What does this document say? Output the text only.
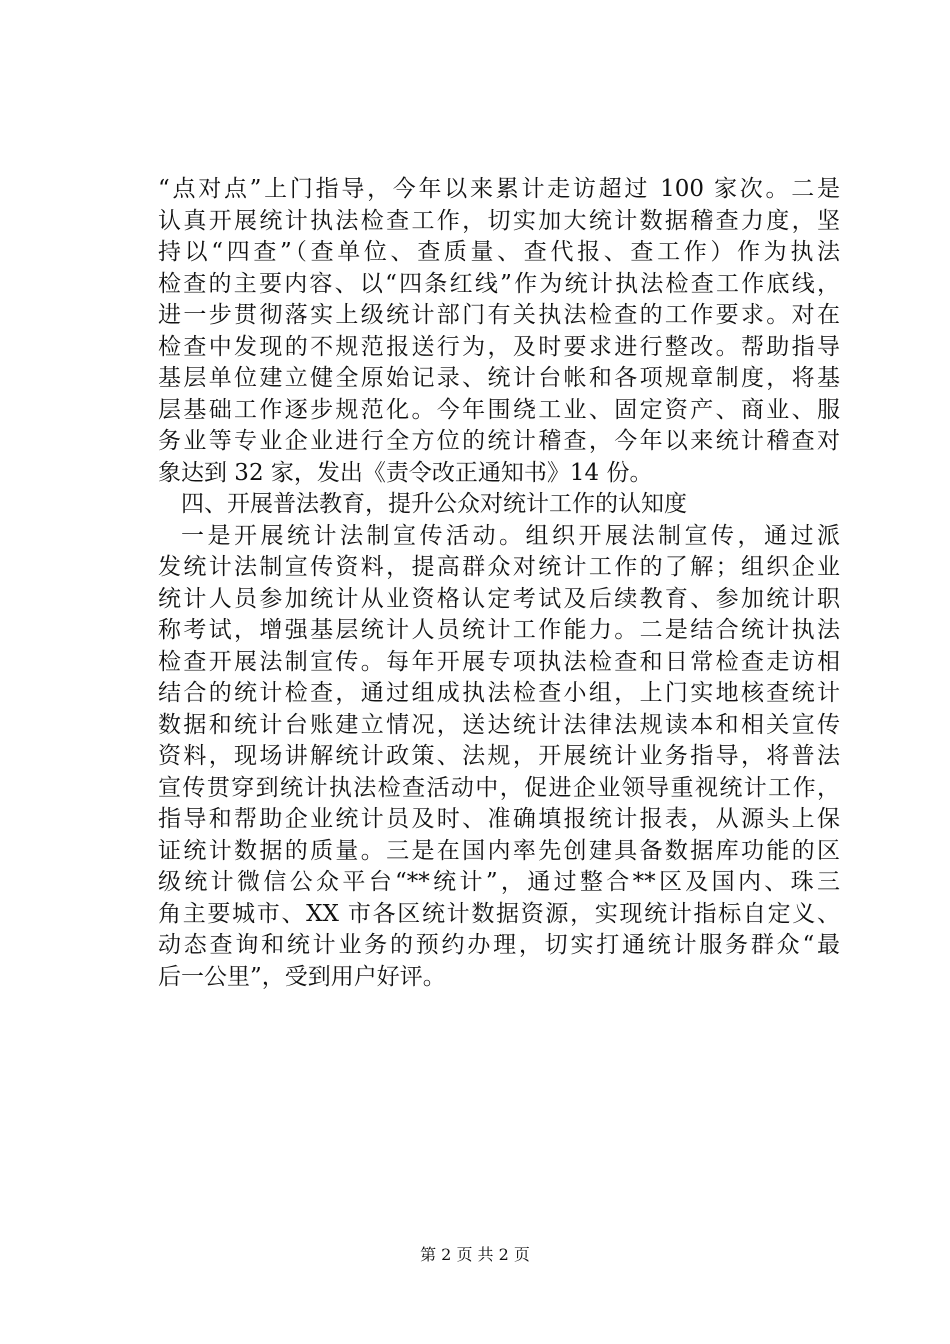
“点对点”上门指导，今年以来累计走访超过 100 家次。二是
认真开展统计执法检查工作，切实加大统计数据稽查力度，坚
持以“四查”（查单位、查质量、查代报、查工作）作为执法
检查的主要内容、以“四条红线”作为统计执法检查工作底线，
进一步贯彻落实上级统计部门有关执法检查的工作要求。对在
检查中发现的不规范报送行为，及时要求进行整改。帮助指导
基层单位建立健全原始记录、统计台帐和各项规章制度，将基
层基础工作逐步规范化。今年围绕工业、固定资产、商业、服
务业等专业企业进行全方位的统计稽查，今年以来统计稽查对
象达到 32 家，发出《责令改正通知书》14 份。
四、开展普法教育，提升公众对统计工作的认知度
一是开展统计法制宣传活动。组织开展法制宣传，通过派
发统计法制宣传资料，提高群众对统计工作的了解；组织企业
统计人员参加统计从业资格认定考试及后续教育、参加统计职
称考试，增强基层统计人员统计工作能力。二是结合统计执法
检查开展法制宣传。每年开展专项执法检查和日常检查走访相
结合的统计检查，通过组成执法检查小组，上门实地核查统计
数据和统计台账建立情况，送达统计法律法规读本和相关宣传
资料，现场讲解统计政策、法规，开展统计业务指导，将普法
宣传贯穿到统计执法检查活动中，促进企业领导重视统计工作，
指导和帮助企业统计员及时、准确填报统计报表，从源头上保
证统计数据的质量。三是在国内率先创建具备数据库功能的区
级统计微信公众平台“**统计”，通过整合**区及国内、珠三
角主要城市、XX 市各区统计数据资源，实现统计指标自定义、
动态查询和统计业务的预约办理，切实打通统计服务群众“最
后一公里”，受到用户好评。
第 2 页 共 2 页
